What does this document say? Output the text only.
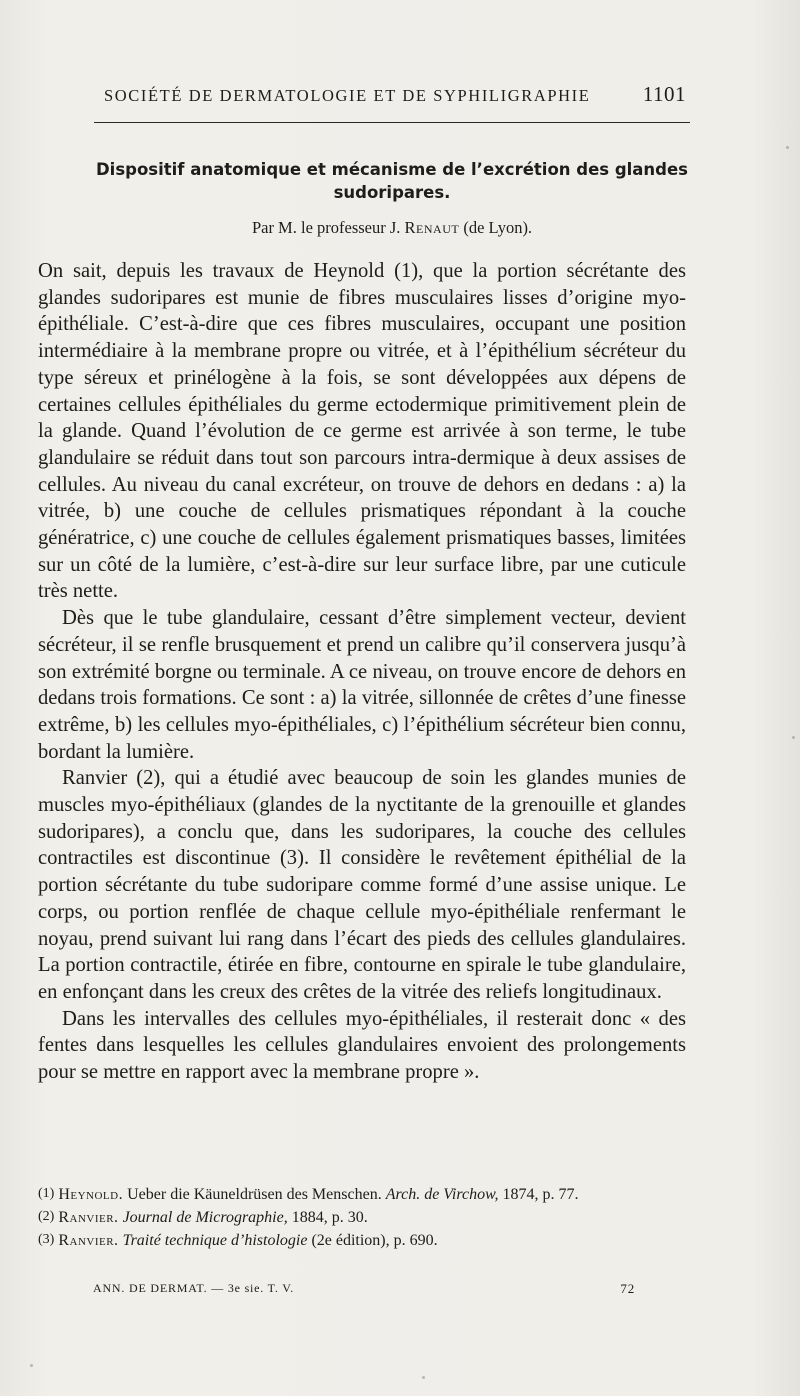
SOCIÉTÉ DE DERMATOLOGIE ET DE SYPHILIGRAPHIE 1101
Dispositif anatomique et mécanisme de l’excrétion des glandes sudoripares.
Par M. le professeur J. Renaut (de Lyon).

On sait, depuis les travaux de Heynold (1), que la portion sécrétante des glandes sudoripares est munie de fibres musculaires lisses d’origine myo-épithéliale. C’est-à-dire que ces fibres musculaires, occupant une position intermédiaire à la membrane propre ou vitrée, et à l’épithélium sécréteur du type séreux et prinélogène à la fois, se sont développées aux dépens de certaines cellules épithéliales du germe ectodermique primitivement plein de la glande. Quand l’évolution de ce germe est arrivée à son terme, le tube glandulaire se réduit dans tout son parcours intra-dermique à deux assises de cellules. Au niveau du canal excréteur, on trouve de dehors en dedans : a) la vitrée, b) une couche de cellules prismatiques répondant à la couche génératrice, c) une couche de cellules également prismatiques basses, limitées sur un côté de la lumière, c’est-à-dire sur leur surface libre, par une cuticule très nette.

Dès que le tube glandulaire, cessant d’être simplement vecteur, devient sécréteur, il se renfle brusquement et prend un calibre qu’il conservera jusqu’à son extrémité borgne ou terminale. A ce niveau, on trouve encore de dehors en dedans trois formations. Ce sont : a) la vitrée, sillonnée de crêtes d’une finesse extrême, b) les cellules myo-épithéliales, c) l’épithélium sécréteur bien connu, bordant la lumière.

Ranvier (2), qui a étudié avec beaucoup de soin les glandes munies de muscles myo-épithéliaux (glandes de la nyctitante de la grenouille et glandes sudoripares), a conclu que, dans les sudoripares, la couche des cellules contractiles est discontinue (3). Il considère le revêtement épithélial de la portion sécrétante du tube sudoripare comme formé d’une assise unique. Le corps, ou portion renflée de chaque cellule myo-épithéliale renfermant le noyau, prend suivant lui rang dans l’écart des pieds des cellules glandulaires. La portion contractile, étirée en fibre, contourne en spirale le tube glandulaire, en enfonçant dans les creux des crêtes de la vitrée des reliefs longitudinaux.

Dans les intervalles des cellules myo-épithéliales, il resterait donc « des fentes dans lesquelles les cellules glandulaires envoient des prolongements pour se mettre en rapport avec la membrane propre ».

(1) Heynold. Ueber die Käuneldrüsen des Menschen. Arch. de Virchow, 1874, p. 77.

(2) Ranvier. Journal de Micrographie, 1884, p. 30.

(3) Ranvier. Traité technique d’histologie (2e édition), p. 690.

ANN. DE DERMAT. — 3e sie. T. V.	72
